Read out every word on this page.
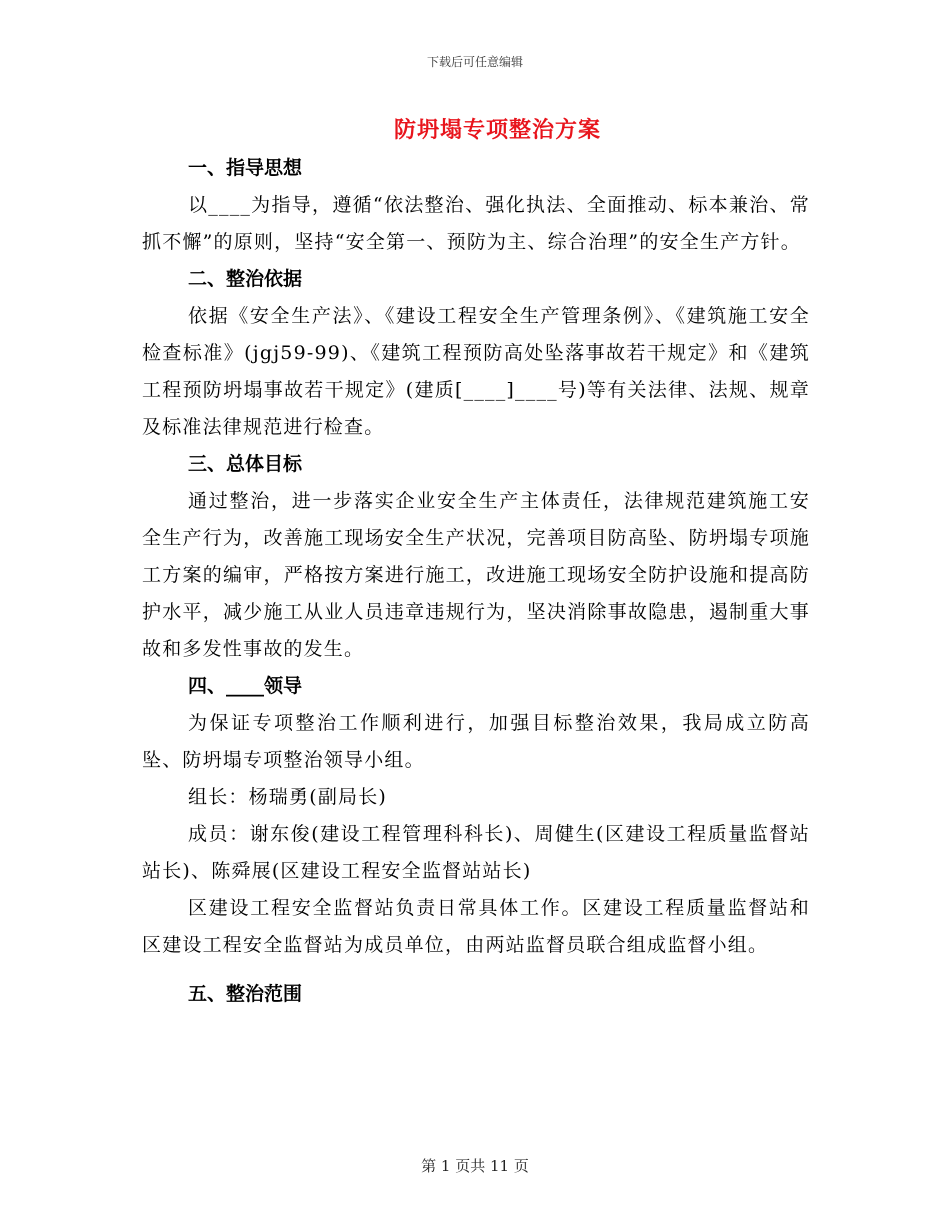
下载后可任意编辑
防坍塌专项整治方案
一、指导思想

以____为指导，遵循“依法整治、强化执法、全面推动、标本兼治、常抓不懈”的原则，坚持“安全第一、预防为主、综合治理”的安全生产方针。

二、整治依据

依据《安全生产法》、《建设工程安全生产管理条例》、《建筑施工安全检查标准》(jgj59-99)、《建筑工程预防高处坠落事故若干规定》和《建筑工程预防坍塌事故若干规定》(建质[____]____号)等有关法律、法规、规章及标准法律规范进行检查。

三、总体目标

通过整治，进一步落实企业安全生产主体责任，法律规范建筑施工安全生产行为，改善施工现场安全生产状况，完善项目防高坠、防坍塌专项施工方案的编审，严格按方案进行施工，改进施工现场安全防护设施和提高防护水平，减少施工从业人员违章违规行为，坚决消除事故隐患，遏制重大事故和多发性事故的发生。

四、____领导

为保证专项整治工作顺利进行，加强目标整治效果，我局成立防高坠、防坍塌专项整治领导小组。

组长：杨瑞勇(副局长)

成员：谢东俊(建设工程管理科科长)、周健生(区建设工程质量监督站站长)、陈舜展(区建设工程安全监督站站长)

区建设工程安全监督站负责日常具体工作。区建设工程质量监督站和区建设工程安全监督站为成员单位，由两站监督员联合组成监督小组。

五、整治范围
第 1 页共 11 页
